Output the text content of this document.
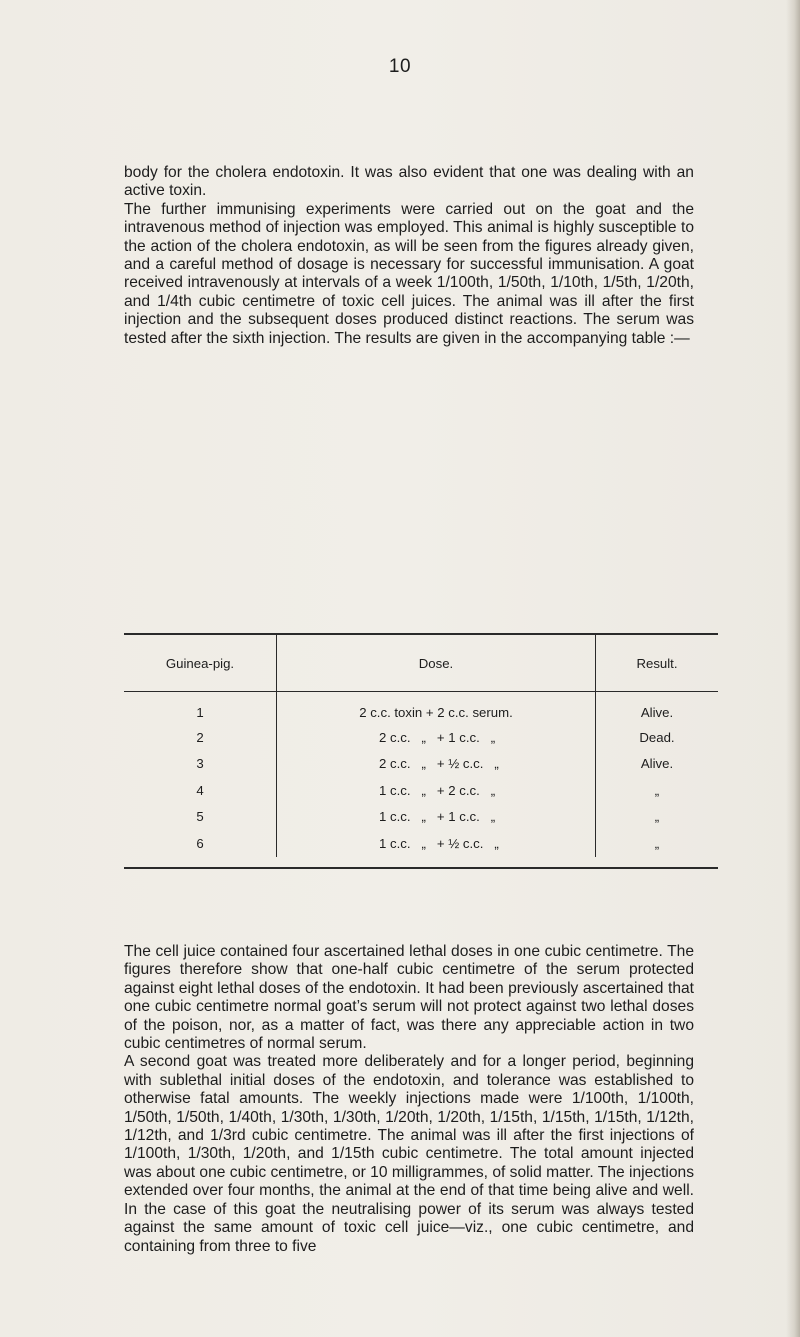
10

body for the cholera endotoxin. It was also evident that one was dealing with an active toxin.

The further immunising experiments were carried out on the goat and the intravenous method of injection was employed. This animal is highly susceptible to the action of the cholera endotoxin, as will be seen from the figures already given, and a careful method of dosage is necessary for successful immunisation. A goat received intravenously at intervals of a week 1/100th, 1/50th, 1/10th, 1/5th, 1/20th, and 1/4th cubic centimetre of toxic cell juices. The animal was ill after the first injection and the subsequent doses produced distinct reactions. The serum was tested after the sixth injection. The results are given in the accompanying table :—

Guinea-pig.	Dose.	Result.
1	2 c.c. toxin + 2 c.c. serum.	Alive.
2	2 c.c.   „   + 1 c.c.   „	Dead.
3	2 c.c.   „   + ½ c.c.   „	Alive.
4	1 c.c.   „   + 2 c.c.   „	„
5	1 c.c.   „   + 1 c.c.   „	„
6	1 c.c.   „   + ½ c.c.   „	„

The cell juice contained four ascertained lethal doses in one cubic centimetre. The figures therefore show that one-half cubic centimetre of the serum protected against eight lethal doses of the endotoxin. It had been previously ascertained that one cubic centimetre normal goat’s serum will not protect against two lethal doses of the poison, nor, as a matter of fact, was there any appreciable action in two cubic centimetres of normal serum.

A second goat was treated more deliberately and for a longer period, beginning with sublethal initial doses of the endotoxin, and tolerance was established to otherwise fatal amounts. The weekly injections made were 1/100th, 1/100th, 1/50th, 1/50th, 1/40th, 1/30th, 1/30th, 1/20th, 1/20th, 1/15th, 1/15th, 1/15th, 1/12th, 1/12th, and 1/3rd cubic centimetre. The animal was ill after the first injections of 1/100th, 1/30th, 1/20th, and 1/15th cubic centimetre. The total amount injected was about one cubic centimetre, or 10 milligrammes, of solid matter. The injections extended over four months, the animal at the end of that time being alive and well. In the case of this goat the neutralising power of its serum was always tested against the same amount of toxic cell juice—viz., one cubic centimetre, and containing from three to five
